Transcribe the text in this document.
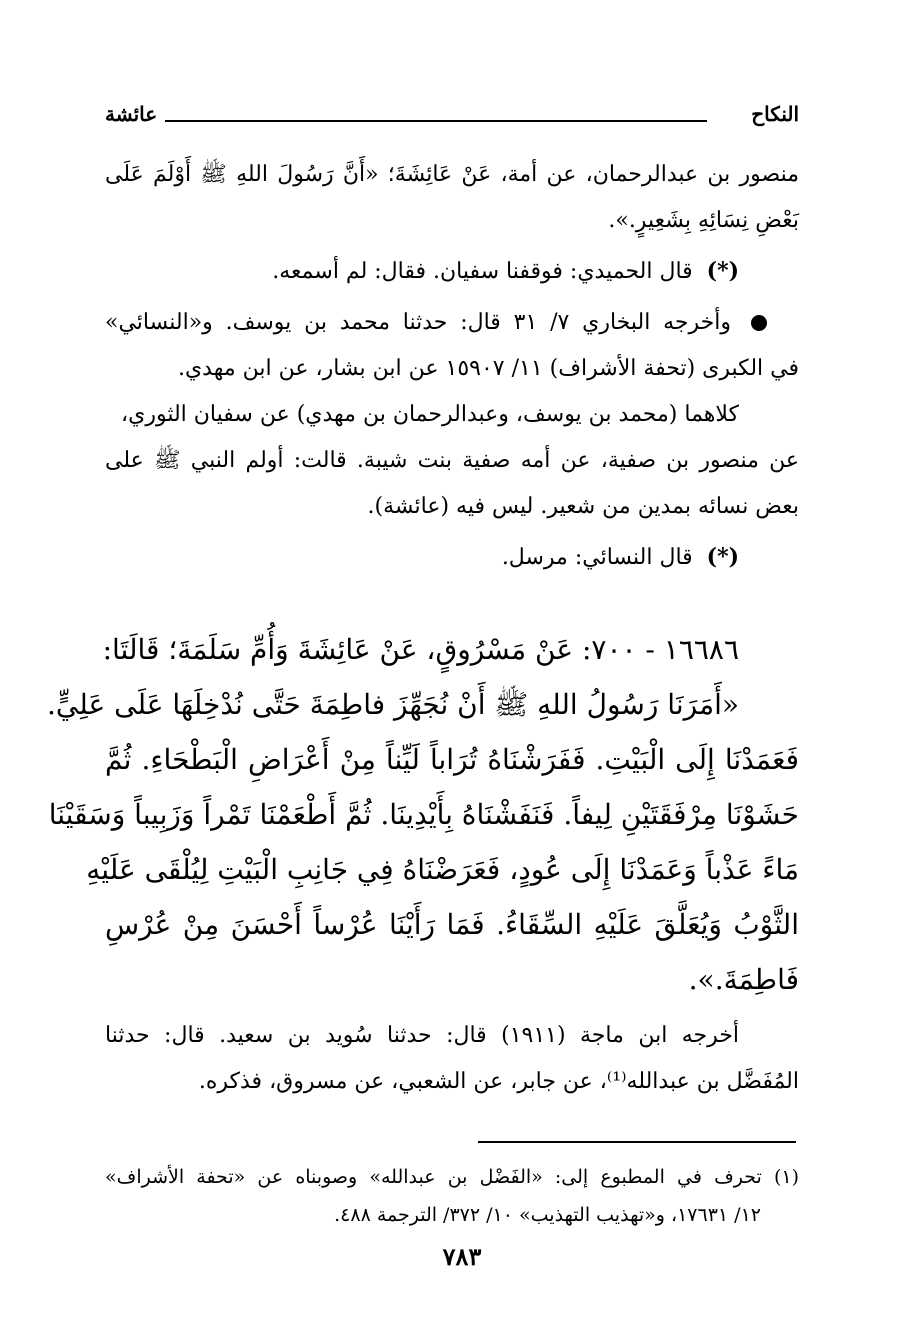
النكاح
عائشة
منصور بن عبدالرحمان، عن أمة، عَنْ عَائِشَةَ؛ «أَنَّ رَسُولَ اللهِ ﷺ أَوْلَمَ عَلَى
بَعْضِ نِسَائِهِ بِشَعِيرٍ.».
(*)قال الحميدي: فوقفنا سفيان. فقال: لم أسمعه.
وأخرجه البخاري ٧/ ٣١ قال: حدثنا محمد بن يوسف. و«النسائي»
في الكبرى (تحفة الأشراف) ١١/ ١٥٩٠٧ عن ابن بشار، عن ابن مهدي.
كلاهما (محمد بن يوسف، وعبدالرحمان بن مهدي) عن سفيان الثوري،
عن منصور بن صفية، عن أمه صفية بنت شيبة. قالت: أولم النبي ﷺ على
بعض نسائه بمدين من شعير. ليس فيه (عائشة).
(*)قال النسائي: مرسل.
١٦٦٨٦ - ٧٠٠: عَنْ مَسْرُوقٍ، عَنْ عَائِشَةَ وَأُمِّ سَلَمَةَ؛ قَالَتَا:
«أَمَرَنَا رَسُولُ اللهِ ﷺ أَنْ نُجَهِّزَ فاطِمَةَ حَتَّى نُدْخِلَهَا عَلَى عَلِيٍّ.
فَعَمَدْنَا إِلَى الْبَيْتِ. فَفَرَشْنَاهُ تُرَاباً لَيِّناً مِنْ أَعْرَاضِ الْبَطْحَاءِ. ثُمَّ
حَشَوْنَا مِرْفَقَتَيْنِ لِيفاً. فَنَفَشْنَاهُ بِأَيْدِينَا. ثُمَّ أَطْعَمْنَا تَمْراً وَزَبِيباً وَسَقَيْنَا
مَاءً عَذْباً وَعَمَدْنَا إِلَى عُودٍ، فَعَرَضْنَاهُ فِي جَانِبِ الْبَيْتِ لِيُلْقَى عَلَيْهِ
الثَّوْبُ وَيُعَلَّقَ عَلَيْهِ السِّقَاءُ. فَمَا رَأَيْنَا عُرْساً أَحْسَنَ مِنْ عُرْسِ
فَاطِمَةَ.».
أخرجه ابن ماجة (١٩١١) قال: حدثنا سُويد بن سعيد. قال: حدثنا
المُفَضَّل بن عبدالله⁽¹⁾، عن جابر، عن الشعبي، عن مسروق، فذكره.
(١) تحرف في المطبوع إلى: «الفَضْل بن عبدالله» وصوبناه عن «تحفة الأشراف»
١٢/ ١٧٦٣١، و«تهذيب التهذيب» ١٠/ ٣٧٢/ الترجمة ٤٨٨.
٧٨٣
